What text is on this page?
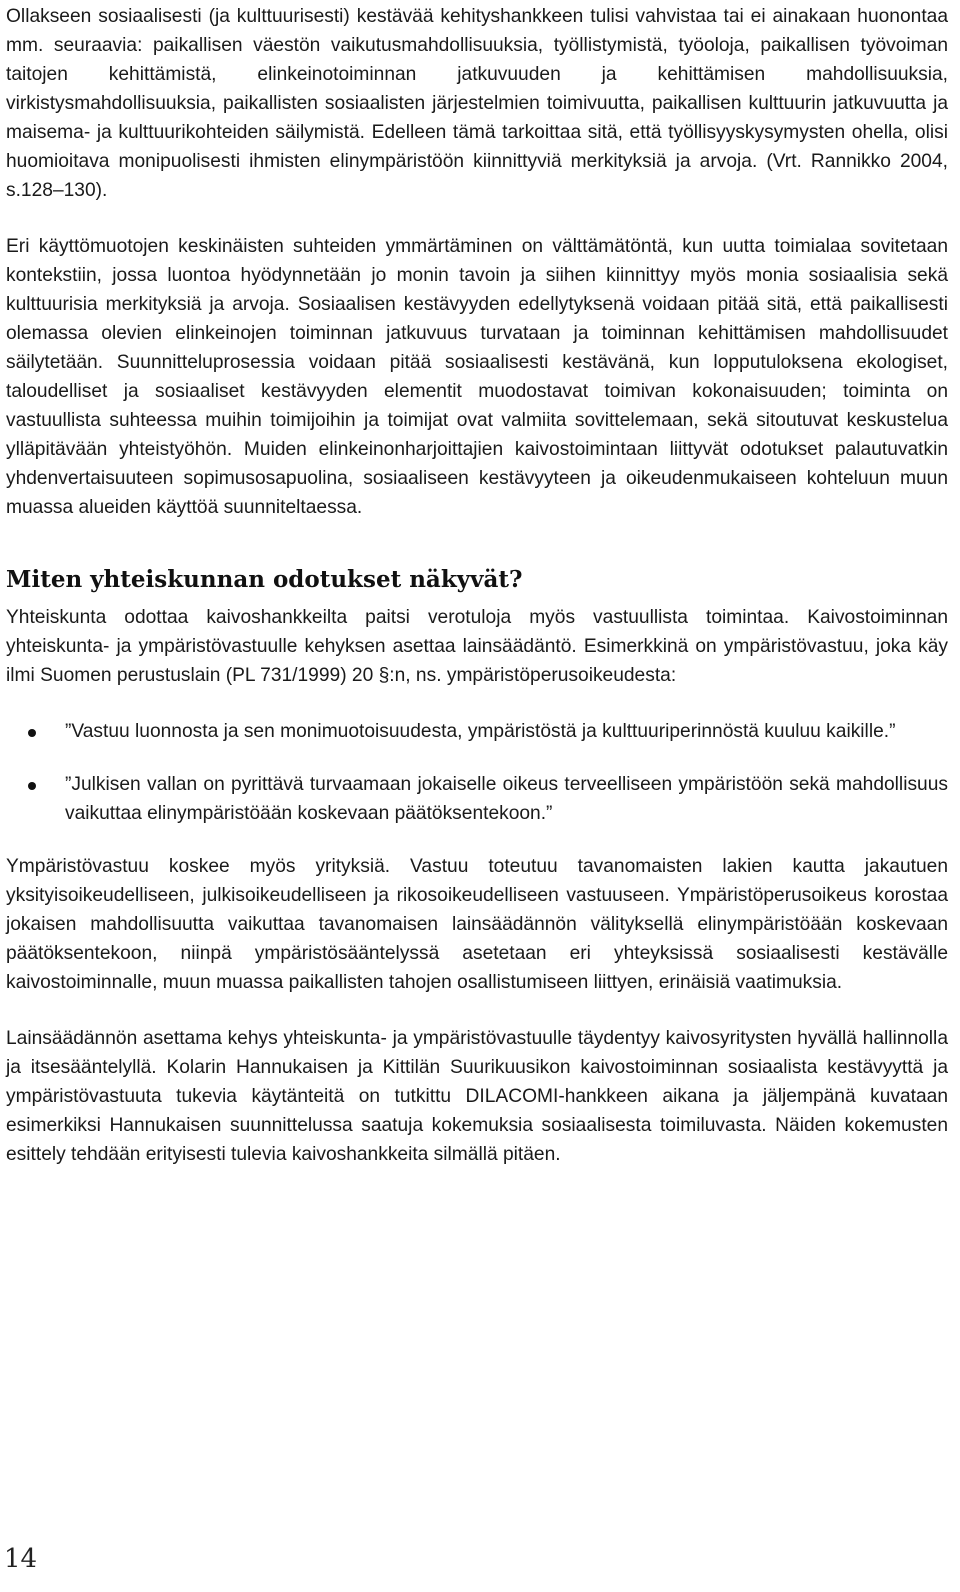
Ollakseen sosiaalisesti (ja kulttuurisesti) kestävää kehityshankkeen tulisi vahvistaa tai ei ainakaan huonontaa mm. seuraavia: paikallisen väestön vaikutusmahdollisuuksia, työllistymistä, työoloja, paikallisen työvoiman taitojen kehittämistä, elinkeinotoiminnan jatkuvuuden ja kehittämisen mahdollisuuksia, virkistysmahdollisuuksia, paikallisten sosiaalisten järjestelmien toimivuutta, paikallisen kulttuurin jatkuvuutta ja maisema- ja kulttuurikohteiden säilymistä. Edelleen tämä tarkoittaa sitä, että työllisyyskysymysten ohella, olisi huomioitava monipuolisesti ihmisten elinympäristöön kiinnittyviä merkityksiä ja arvoja. (Vrt. Rannikko 2004, s.128–130).

Eri käyttömuotojen keskinäisten suhteiden ymmärtäminen on välttämätöntä, kun uutta toimialaa sovitetaan kontekstiin, jossa luontoa hyödynnetään jo monin tavoin ja siihen kiinnittyy myös monia sosiaalisia sekä kulttuurisia merkityksiä ja arvoja. Sosiaalisen kestävyyden edellytyksenä voidaan pitää sitä, että paikallisesti olemassa olevien elinkeinojen toiminnan jatkuvuus turvataan ja toiminnan kehittämisen mahdollisuudet säilytetään. Suunnitteluprosessia voidaan pitää sosiaalisesti kestävänä, kun lopputuloksena ekologiset, taloudelliset ja sosiaaliset kestävyyden elementit muodostavat toimivan kokonaisuuden; toiminta on vastuullista suhteessa muihin toimijoihin ja toimijat ovat valmiita sovittelemaan, sekä sitoutuvat keskustelua ylläpitävään yhteistyöhön. Muiden elinkeinonharjoittajien kaivostoimintaan liittyvät odotukset palautuvatkin yhdenvertaisuuteen sopimusosapuolina, sosiaaliseen kestävyyteen ja oikeudenmukaiseen kohteluun muun muassa alueiden käyttöä suunniteltaessa.

Miten yhteiskunnan odotukset näkyvät?

Yhteiskunta odottaa kaivoshankkeilta paitsi verotuloja myös vastuullista toimintaa. Kaivostoiminnan yhteiskunta- ja ympäristövastuulle kehyksen asettaa lainsäädäntö. Esimerkkinä on ympäristövastuu, joka käy ilmi Suomen perustuslain (PL 731/1999) 20 §:n, ns. ympäristöperusoikeudesta:

”Vastuu luonnosta ja sen monimuotoisuudesta, ympäristöstä ja kulttuuriperinnöstä kuuluu kaikille.”
”Julkisen vallan on pyrittävä turvaamaan jokaiselle oikeus terveelliseen ympäristöön sekä mahdollisuus vaikuttaa elinympäristöään koskevaan päätöksentekoon.”

Ympäristövastuu koskee myös yrityksiä. Vastuu toteutuu tavanomaisten lakien kautta jakautuen yksityisoikeudelliseen, julkisoikeudelliseen ja rikosoikeudelliseen vastuuseen. Ympäristöperusoikeus korostaa jokaisen mahdollisuutta vaikuttaa tavanomaisen lainsäädännön välityksellä elinympäristöään koskevaan päätöksentekoon, niinpä ympäristösääntelyssä asetetaan eri yhteyksissä sosiaalisesti kestävälle kaivostoiminnalle, muun muassa paikallisten tahojen osallistumiseen liittyen, erinäisiä vaatimuksia.

Lainsäädännön asettama kehys yhteiskunta- ja ympäristövastuulle täydentyy kaivosyritysten hyvällä hallinnolla ja itsesääntelyllä. Kolarin Hannukaisen ja Kittilän Suurikuusikon kaivostoiminnan sosiaalista kestävyyttä ja ympäristövastuuta tukevia käytänteitä on tutkittu DILACOMI-hankkeen aikana ja jäljempänä kuvataan esimerkiksi Hannukaisen suunnittelussa saatuja kokemuksia sosiaalisesta toimiluvasta. Näiden kokemusten esittely tehdään erityisesti tulevia kaivoshankkeita silmällä pitäen.

14
